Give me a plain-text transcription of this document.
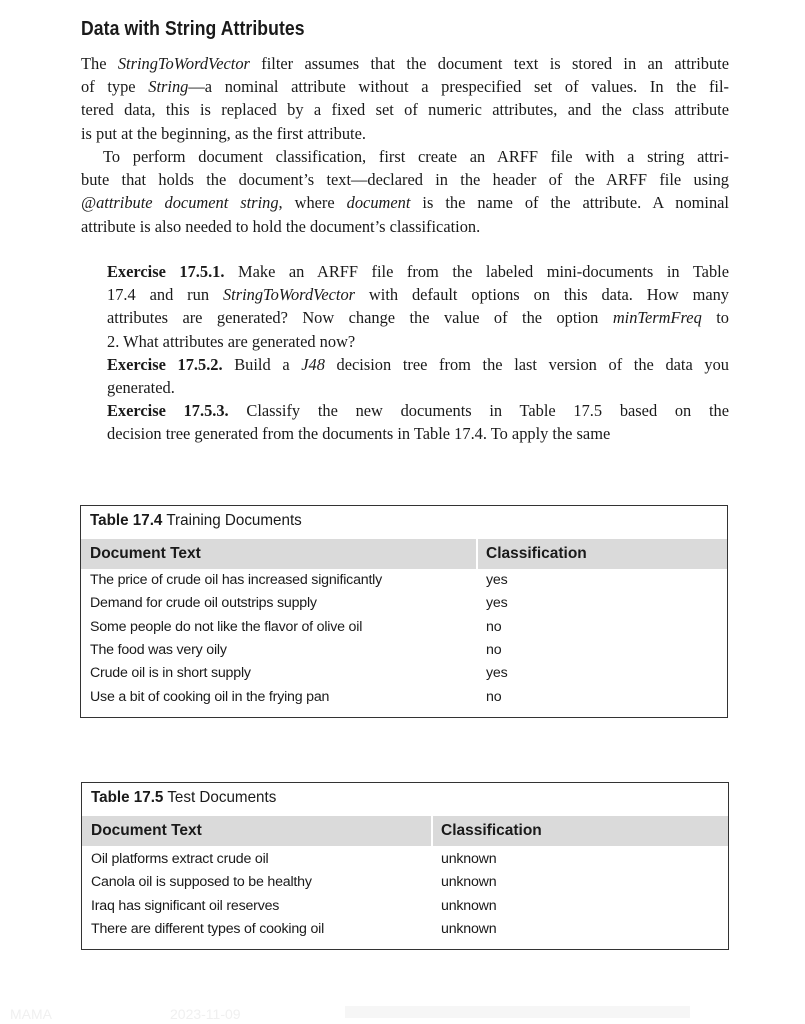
Data with String Attributes
The StringToWordVector filter assumes that the document text is stored in an attribute
of type String—a nominal attribute without a prespecified set of values. In the fil-
tered data, this is replaced by a fixed set of numeric attributes, and the class attribute
is put at the beginning, as the first attribute.
To perform document classification, first create an ARFF file with a string attri-
bute that holds the document’s text—declared in the header of the ARFF file using
@attribute document string, where document is the name of the attribute. A nominal
attribute is also needed to hold the document’s classification.
Exercise 17.5.1. Make an ARFF file from the labeled mini-documents in Table
17.4 and run StringToWordVector with default options on this data. How many
attributes are generated? Now change the value of the option minTermFreq to
2. What attributes are generated now?
Exercise 17.5.2. Build a J48 decision tree from the last version of the data you
generated.
Exercise 17.5.3. Classify the new documents in Table 17.5 based on the
decision tree generated from the documents in Table 17.4. To apply the same
Table 17.4 Training Documents
Document Text	Classification
The price of crude oil has increased significantly	yes
Demand for crude oil outstrips supply	yes
Some people do not like the flavor of olive oil	no
The food was very oily	no
Crude oil is in short supply	yes
Use a bit of cooking oil in the frying pan	no
Table 17.5 Test Documents
Document Text	Classification
Oil platforms extract crude oil	unknown
Canola oil is supposed to be healthy	unknown
Iraq has significant oil reserves	unknown
There are different types of cooking oil	unknown
MAMA	2023-11-09
